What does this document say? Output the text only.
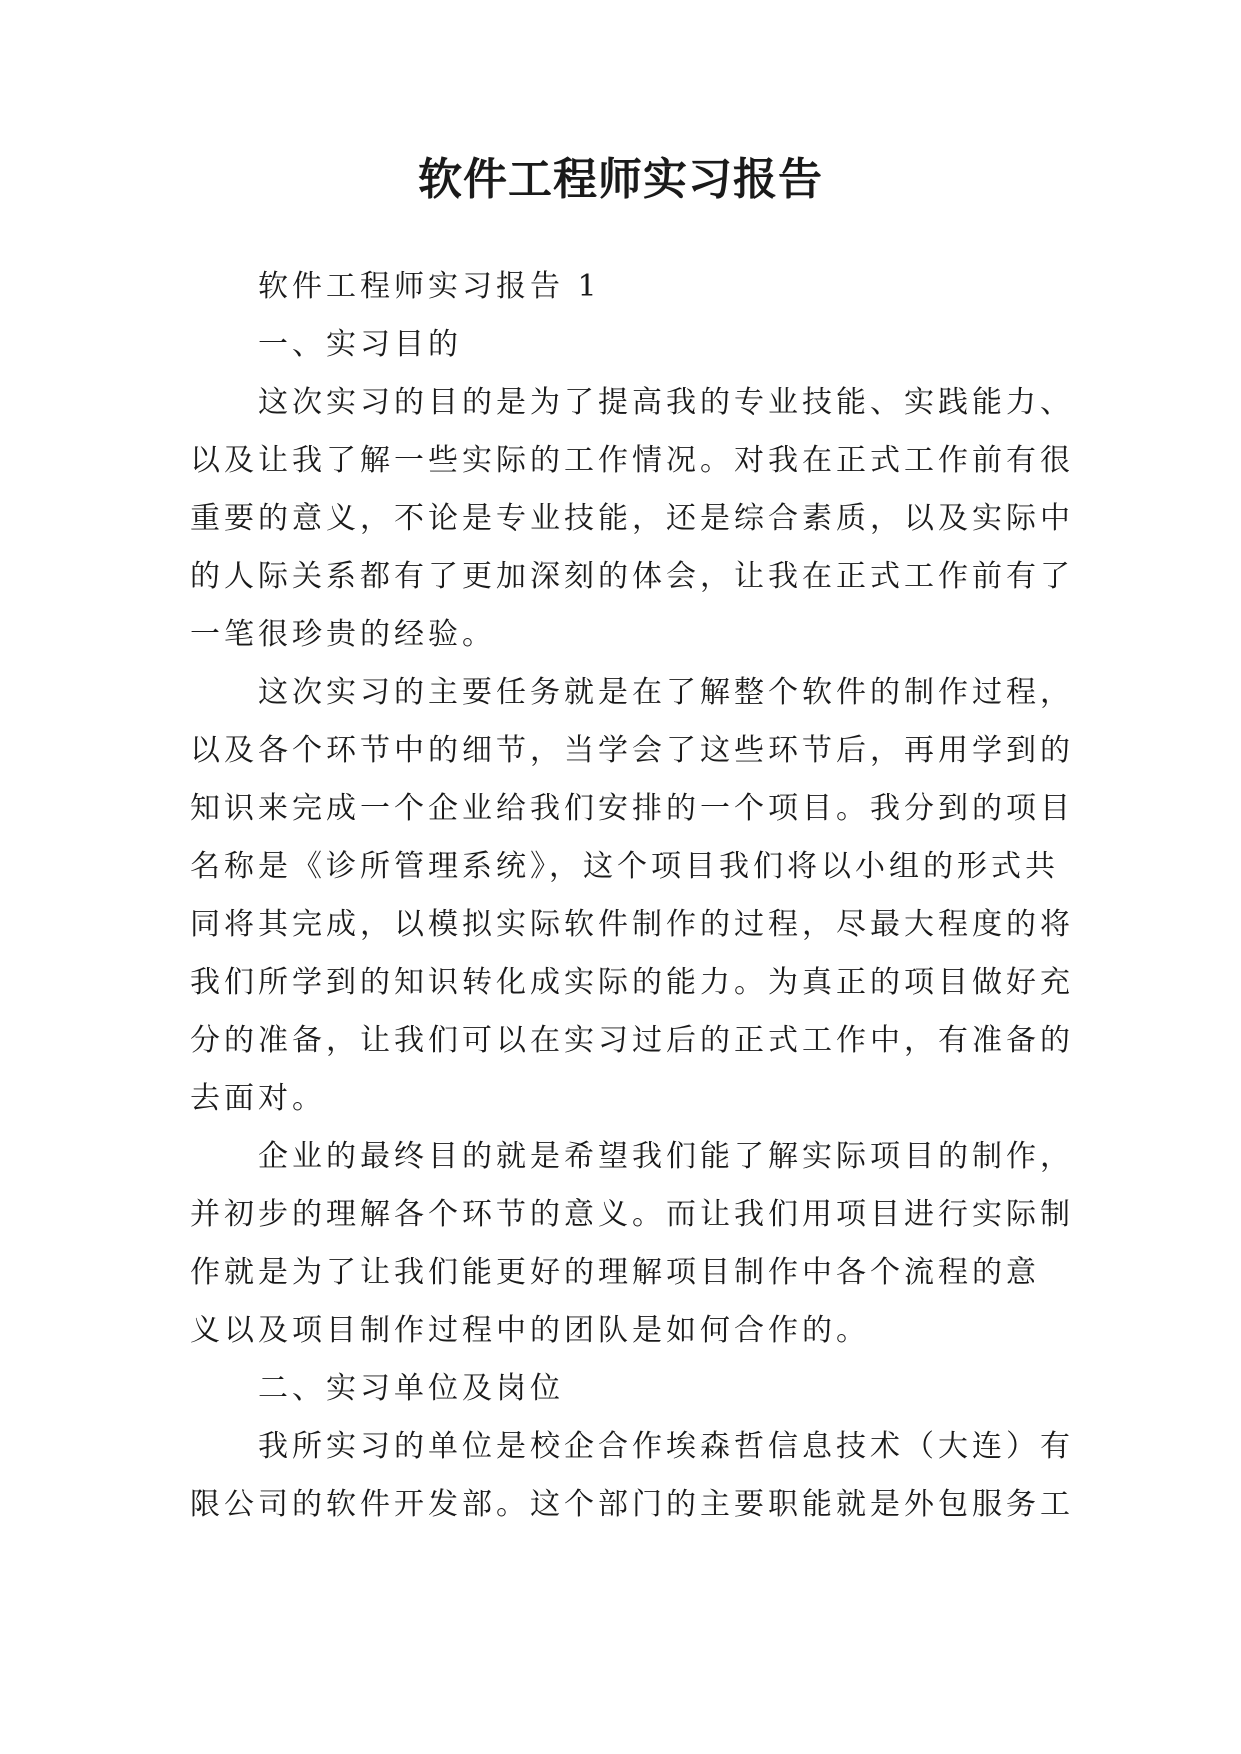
软件工程师实习报告

软件工程师实习报告 1

一、实习目的

这次实习的目的是为了提高我的专业技能、实践能力、

以及让我了解一些实际的工作情况。对我在正式工作前有很

重要的意义，不论是专业技能，还是综合素质，以及实际中

的人际关系都有了更加深刻的体会，让我在正式工作前有了

一笔很珍贵的经验。

这次实习的主要任务就是在了解整个软件的制作过程，

以及各个环节中的细节，当学会了这些环节后，再用学到的

知识来完成一个企业给我们安排的一个项目。我分到的项目

名称是《诊所管理系统》，这个项目我们将以小组的形式共

同将其完成，以模拟实际软件制作的过程，尽最大程度的将

我们所学到的知识转化成实际的能力。为真正的项目做好充

分的准备，让我们可以在实习过后的正式工作中，有准备的

去面对。

企业的最终目的就是希望我们能了解实际项目的制作，

并初步的理解各个环节的意义。而让我们用项目进行实际制

作就是为了让我们能更好的理解项目制作中各个流程的意

义以及项目制作过程中的团队是如何合作的。

二、实习单位及岗位

我所实习的单位是校企合作埃森哲信息技术（大连）有

限公司的软件开发部。这个部门的主要职能就是外包服务工
